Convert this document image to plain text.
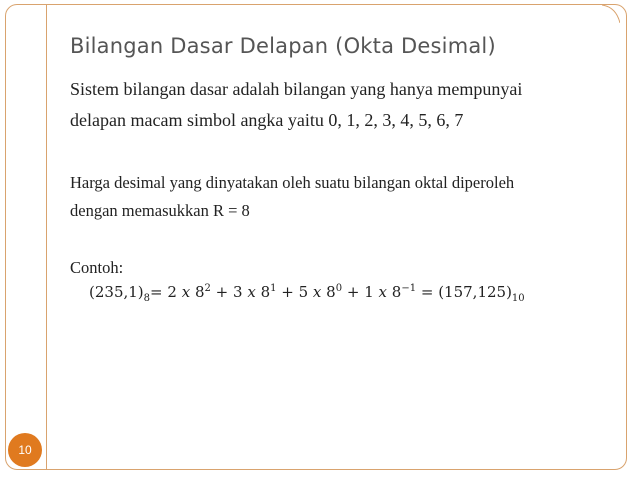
Bilangan Dasar Delapan (Okta Desimal)

Sistem bilangan dasar adalah bilangan yang hanya mempunyai
delapan macam simbol angka yaitu 0, 1, 2, 3, 4, 5, 6, 7

Harga desimal yang dinyatakan oleh suatu bilangan oktal diperoleh
dengan memasukkan R = 8

Contoh:

$(235,1)_8= 2$ x $8^2 + 3$ x $8^1 + 5$ x $8^0 + 1$ x $8^{-1} = (157,125)_{10}$
10
